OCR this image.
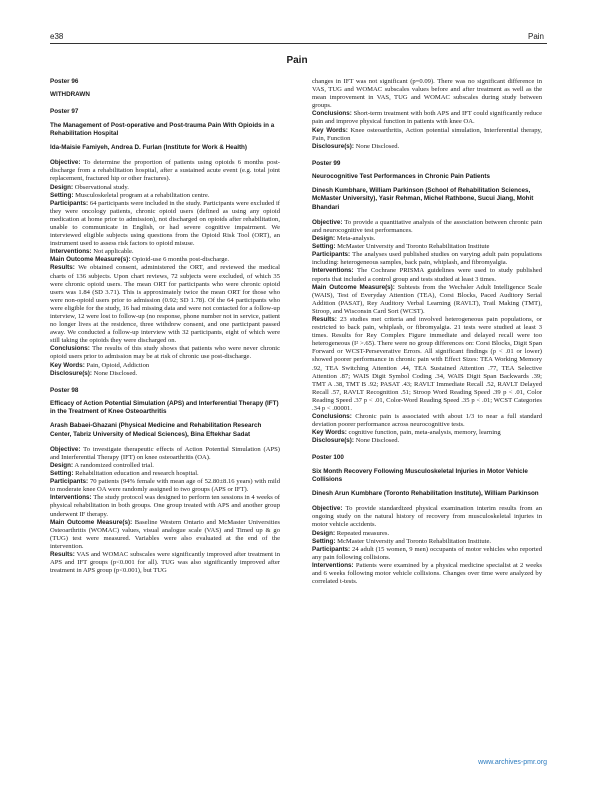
e38	Pain
Pain

Poster 96

WITHDRAWN

Poster 97

The Management of Post-operative and Post-trauma Pain With Opioids in a Rehabilitation Hospital

Ida-Maisie Famiyeh, Andrea D. Furlan (Institute for Work & Health)

Objective: To determine the proportion of patients using opioids 6 months post-discharge from a rehabilitation hospital, after a sustained acute event (e.g. total joint replacement, fractured hip or other fractures).

Design: Observational study.

Setting: Musculoskeletal program at a rehabilitation centre.

Participants: 64 participants were included in the study. Participants were excluded if they were oncology patients, chronic opioid users (defined as using any opioid medication at home prior to admission), not discharged on opioids after rehabilitation, unable to communicate in English, or had severe cognitive impairment. We interviewed eligible subjects using questions from the Opioid Risk Tool (ORT), an instrument used to assess risk factors to opioid misuse.

Interventions: Not applicable.

Main Outcome Measure(s): Opioid-use 6 months post-discharge.

Results: We obtained consent, administered the ORT, and reviewed the medical charts of 136 subjects. Upon chart reviews, 72 subjects were excluded, of which 35 were chronic opioid users. The mean ORT for participants who were chronic opioid users was 1.84 (SD 3.71). This is approximately twice the mean ORT for those who were non-opioid users prior to admission (0.92; SD 1.78). Of the 64 participants who were eligible for the study, 16 had missing data and were not contacted for a follow-up interview, 12 were lost to follow-up (no response, phone number not in service, patient no longer lives at the residence, three withdrew consent, and one participant passed away. We conducted a follow-up interview with 32 participants, eight of which were still taking the opioids they were discharged on.

Conclusions: The results of this study shows that patients who were never chronic opioid users prior to admission may be at risk of chronic use post-discharge.

Key Words: Pain, Opioid, Addiction

Disclosure(s): None Disclosed.

Poster 98

Efficacy of Action Potential Simulation (APS) and Interferential Therapy (IFT) in the Treatment of Knee Osteoarthritis

Arash Babaei-Ghazani (Physical Medicine and Rehabilitation Research Center, Tabriz University of Medical Sciences), Bina Eftekhar Sadat

Objective: To investigate therapeutic effects of Action Potential Simulation (APS) and Interferential Therapy (IFT) on knee osteoarthritis (OA).

Design: A randomized controlled trial.

Setting: Rehabilitation education and research hospital.

Participants: 70 patients (94% female with mean age of 52.80±8.16 years) with mild to moderate knee OA were randomly assigned to two groups (APS or IFT).

Interventions: The study protocol was designed to perform ten sessions in 4 weeks of physical rehabilitation in both groups. One group treated with APS and another group underwent IF therapy.

Main Outcome Measure(s): Baseline Western Ontario and McMaster Universities Osteoarthritis (WOMAC) values, visual analogue scale (VAS) and Timed up & go (TUG) test were measured. Variables were also evaluated at the end of the intervention.

Results: VAS and WOMAC subscales were significantly improved after treatment in APS and IFT groups (p<0.001 for all). TUG was also significantly improved after treatment in APS group (p<0.001), but TUG

changes in IFT was not significant (p=0.09). There was no significant difference in VAS, TUG and WOMAC subscales values before and after treatment as well as the mean improvement in VAS, TUG and WOMAC subscales during study between groups.

Conclusions: Short-term treatment with both APS and IFT could significantly reduce pain and improve physical function in patients with knee OA.

Key Words: Knee osteoarthritis, Action potential simulation, Interferential therapy, Pain, Function

Disclosure(s): None Disclosed.

Poster 99

Neurocognitive Test Performances in Chronic Pain Patients

Dinesh Kumbhare, William Parkinson (School of Rehabilitation Sciences, McMaster University), Yasir Rehman, Michel Rathbone, Sucui Jiang, Mohit Bhandari

Objective: To provide a quantitative analysis of the association between chronic pain and neurocognitive test performances.

Design: Meta-analysis.

Setting: McMaster University and Toronto Rehabilitation Institute

Participants: The analyses used published studies on varying adult pain populations including: heterogeneous samples, back pain, whiplash, and fibromyalgia.

Interventions: The Cochrane PRISMA guidelines were used to study published reports that included a control group and tests studied at least 3 times.

Main Outcome Measure(s): Subtests from the Wechsler Adult Intelligence Scale (WAIS), Test of Everyday Attention (TEA), Corsi Blocks, Paced Auditory Serial Addition (PASAT), Rey Auditory Verbal Learning (RAVLT), Trail Making (TMT), Stroop, and Wisconsin Card Sort (WCST).

Results: 23 studies met criteria and involved heterogeneous pain populations, or restricted to back pain, whiplash, or fibromyalgia. 21 tests were studied at least 3 times. Results for Rey Complex Figure immediate and delayed recall were too heterogeneous (I² >.65). There were no group differences on: Corsi Blocks, Digit Span Forward or WCST-Perseverative Errors. All significant findings (p < .01 or lower) showed poorer performance in chronic pain with Effect Sizes: TEA Working Memory .92, TEA Switching Attention .44, TEA Sustained Attention .77, TEA Selective Attention .87; WAIS Digit Symbol Coding .34, WAIS Digit Span Backwards .39; TMT A .38, TMT B .92; PASAT .43; RAVLT Immediate Recall .52, RAVLT Delayed Recall .57, RAVLT Recognition .51; Stroop Word Reading Speed .39 p < .01, Color Reading Speed .37 p < .01, Color-Word Reading Speed .35 p < .01; WCST Categories .34 p < .00001.

Conclusions: Chronic pain is associated with about 1/3 to near a full standard deviation poorer performance across neurocognitive tests.

Key Words: cognitive function, pain, meta-analysis, memory, learning

Disclosure(s): None Disclosed.

Poster 100

Six Month Recovery Following Musculoskeletal Injuries in Motor Vehicle Collisions

Dinesh Arun Kumbhare (Toronto Rehabilitation Institute), William Parkinson

Objective: To provide standardized physical examination interim results from an ongoing study on the natural history of recovery from musculoskeletal injuries in motor vehicle accidents.

Design: Repeated measures.

Setting: McMaster University and Toronto Rehabilitation Institute.

Participants: 24 adult (15 women, 9 men) occupants of motor vehicles who reported any pain following collisions.

Interventions: Patients were examined by a physical medicine specialist at 2 weeks and 6 weeks following motor vehicle collisions. Changes over time were analyzed by correlated t-tests.

www.archives-pmr.org
